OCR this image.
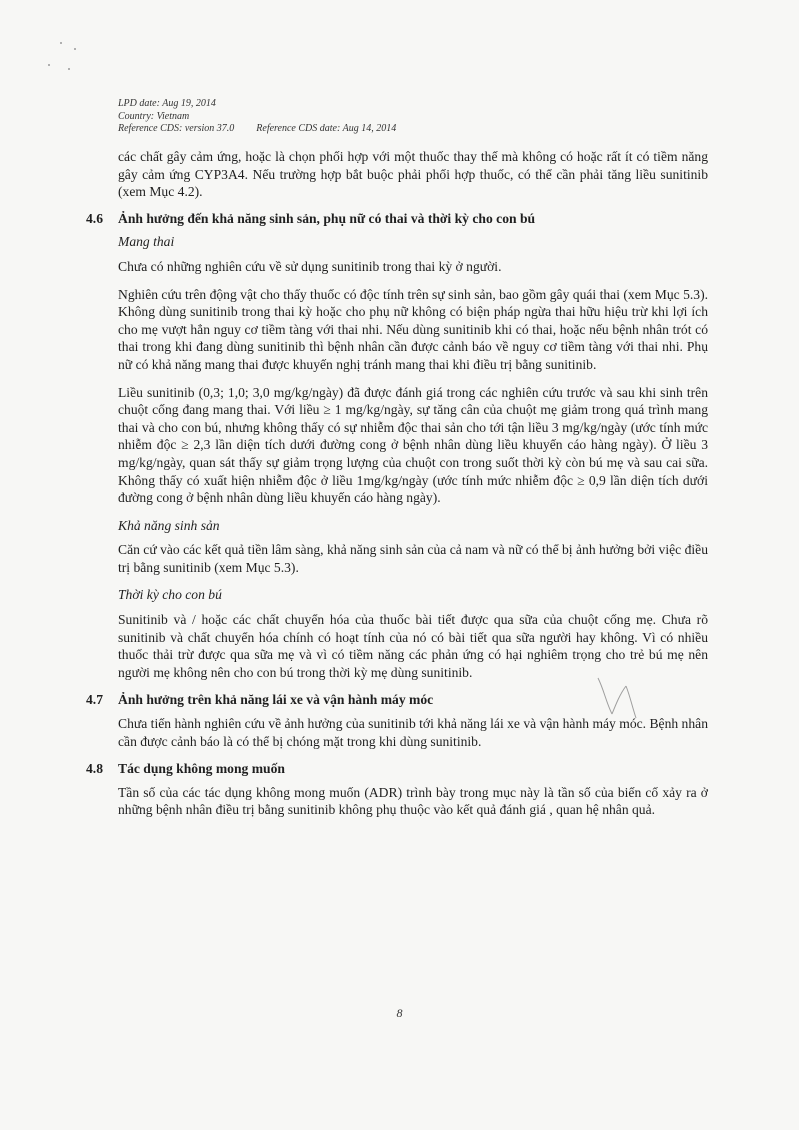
LPD date: Aug 19, 2014
Country: Vietnam
Reference CDS: version 37.0 Reference CDS date: Aug 14, 2014

các chất gây cảm ứng, hoặc là chọn phối hợp với một thuốc thay thế mà không có hoặc rất ít có tiềm năng gây cảm ứng CYP3A4. Nếu trường hợp bắt buộc phải phối hợp thuốc, có thể cần phải tăng liều sunitinib (xem Mục 4.2).

4.6 Ảnh hưởng đến khả năng sinh sản, phụ nữ có thai và thời kỳ cho con bú
Mang thai

Chưa có những nghiên cứu về sử dụng sunitinib trong thai kỳ ở người.

Nghiên cứu trên động vật cho thấy thuốc có độc tính trên sự sinh sản, bao gồm gây quái thai (xem Mục 5.3). Không dùng sunitinib trong thai kỳ hoặc cho phụ nữ không có biện pháp ngừa thai hữu hiệu trừ khi lợi ích cho mẹ vượt hẳn nguy cơ tiềm tàng với thai nhi. Nếu dùng sunitinib khi có thai, hoặc nếu bệnh nhân trót có thai trong khi đang dùng sunitinib thì bệnh nhân cần được cảnh báo về nguy cơ tiềm tàng với thai nhi. Phụ nữ có khả năng mang thai được khuyến nghị tránh mang thai khi điều trị bằng sunitinib.

Liều sunitinib (0,3; 1,0; 3,0 mg/kg/ngày) đã được đánh giá trong các nghiên cứu trước và sau khi sinh trên chuột cống đang mang thai. Với liều ≥ 1 mg/kg/ngày, sự tăng cân của chuột mẹ giảm trong quá trình mang thai và cho con bú, nhưng không thấy có sự nhiễm độc thai sản cho tới tận liều 3 mg/kg/ngày (ước tính mức nhiễm độc ≥ 2,3 lần diện tích dưới đường cong ở bệnh nhân dùng liều khuyến cáo hàng ngày). Ở liều 3 mg/kg/ngày, quan sát thấy sự giảm trọng lượng của chuột con trong suốt thời kỳ còn bú mẹ và sau cai sữa. Không thấy có xuất hiện nhiễm độc ở liều 1mg/kg/ngày (ước tính mức nhiễm độc ≥ 0,9 lần diện tích dưới đường cong ở bệnh nhân dùng liều khuyến cáo hàng ngày).

Khả năng sinh sản

Căn cứ vào các kết quả tiền lâm sàng, khả năng sinh sản của cả nam và nữ có thể bị ảnh hưởng bởi việc điều trị bằng sunitinib (xem Mục 5.3).

Thời kỳ cho con bú

Sunitinib và / hoặc các chất chuyển hóa của thuốc bài tiết được qua sữa của chuột cống mẹ. Chưa rõ sunitinib và chất chuyển hóa chính có hoạt tính của nó có bài tiết qua sữa người hay không. Vì có nhiều thuốc thải trừ được qua sữa mẹ và vì có tiềm năng các phản ứng có hại nghiêm trọng cho trẻ bú mẹ nên người mẹ không nên cho con bú trong thời kỳ mẹ dùng sunitinib.

4.7 Ảnh hưởng trên khả năng lái xe và vận hành máy móc

Chưa tiến hành nghiên cứu về ảnh hưởng của sunitinib tới khả năng lái xe và vận hành máy móc. Bệnh nhân cần được cảnh báo là có thể bị chóng mặt trong khi dùng sunitinib.

4.8 Tác dụng không mong muốn

Tần số của các tác dụng không mong muốn (ADR) trình bày trong mục này là tần số của biến cố xảy ra ở những bệnh nhân điều trị bằng sunitinib không phụ thuộc vào kết quả đánh giá , quan hệ nhân quả.

8
